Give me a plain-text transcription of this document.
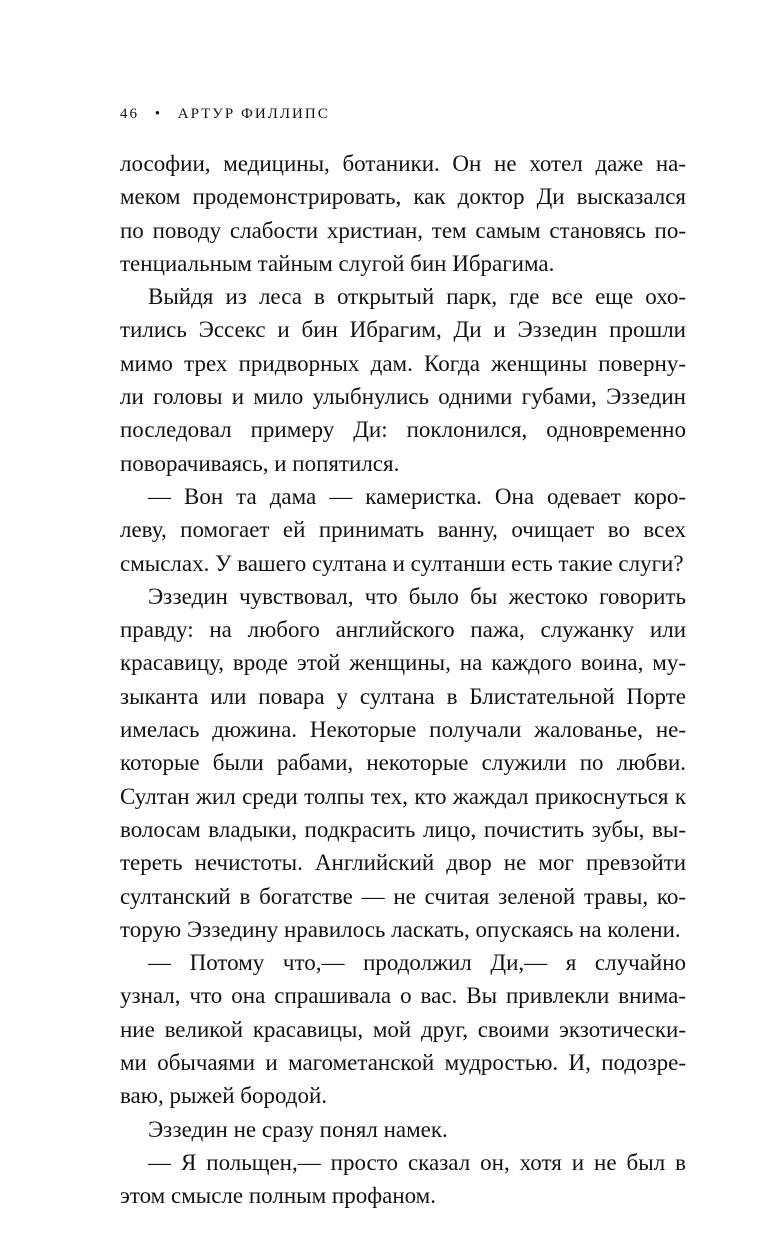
46 • АРТУР ФИЛЛИПС
лософии, медицины, ботаники. Он не хотел даже на-
меком продемонстрировать, как доктор Ди высказался
по поводу слабости христиан, тем самым становясь по-
тенциальным тайным слугой бин Ибрагима.
Выйдя из леса в открытый парк, где все еще охо-
тились Эссекс и бин Ибрагим, Ди и Эззедин прошли
мимо трех придворных дам. Когда женщины поверну-
ли головы и мило улыбнулись одними губами, Эззедин
последовал примеру Ди: поклонился, одновременно
поворачиваясь, и попятился.
— Вон та дама — камеристка. Она одевает коро-
леву, помогает ей принимать ванну, очищает во всех
смыслах. У вашего султана и султанши есть такие слуги?
Эззедин чувствовал, что было бы жестоко говорить
правду: на любого английского пажа, служанку или
красавицу, вроде этой женщины, на каждого воина, му-
зыканта или повара у султана в Блистательной Порте
имелась дюжина. Некоторые получали жалованье, не-
которые были рабами, некоторые служили по любви.
Султан жил среди толпы тех, кто жаждал прикоснуться к
волосам владыки, подкрасить лицо, почистить зубы, вы-
тереть нечистоты. Английский двор не мог превзойти
султанский в богатстве — не считая зеленой травы, ко-
торую Эззедину нравилось ласкать, опускаясь на колени.
— Потому что,— продолжил Ди,— я случайно
узнал, что она спрашивала о вас. Вы привлекли внима-
ние великой красавицы, мой друг, своими экзотически-
ми обычаями и магометанской мудростью. И, подозре-
ваю, рыжей бородой.
Эззедин не сразу понял намек.
— Я польщен,— просто сказал он, хотя и не был в
этом смысле полным профаном.
